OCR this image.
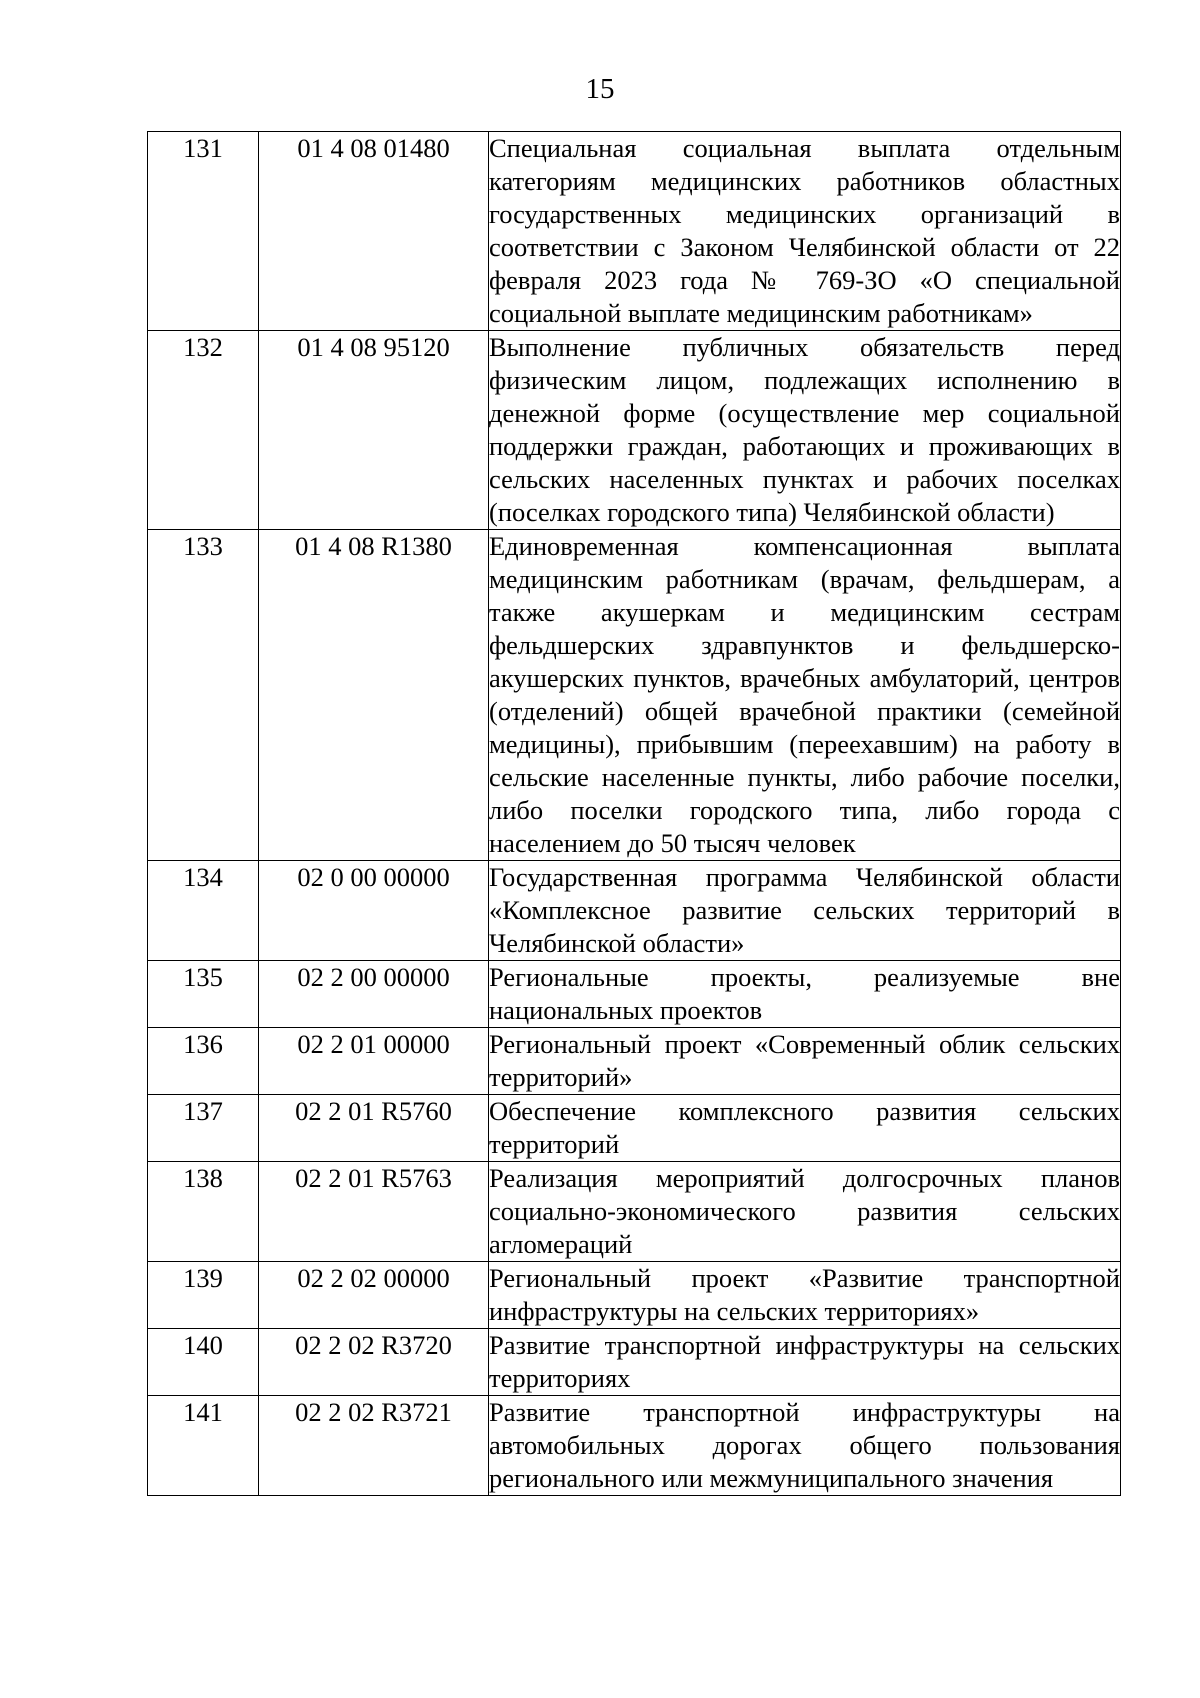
15
131	01 4 08 01480	Специальная социальная выплата отдельным категориям медицинских работников областных государственных медицинских организаций в соответствии с Законом Челябинской области от 22 февраля 2023 года № 769-ЗО «О специальной социальной выплате медицинским работникам»
132	01 4 08 95120	Выполнение публичных обязательств перед физическим лицом, подлежащих исполнению в денежной форме (осуществление мер социальной поддержки граждан, работающих и проживающих в сельских населенных пунктах и рабочих поселках (поселках городского типа) Челябинской области)
133	01 4 08 R1380	Единовременная компенсационная выплата медицинским работникам (врачам, фельдшерам, а также акушеркам и медицинским сестрам фельдшерских здравпунктов и фельдшерско-акушерских пунктов, врачебных амбулаторий, центров (отделений) общей врачебной практики (семейной медицины), прибывшим (переехавшим) на работу в сельские населенные пункты, либо рабочие поселки, либо поселки городского типа, либо города с населением до 50 тысяч человек
134	02 0 00 00000	Государственная программа Челябинской области «Комплексное развитие сельских территорий в Челябинской области»
135	02 2 00 00000	Региональные проекты, реализуемые вне национальных проектов
136	02 2 01 00000	Региональный проект «Современный облик сельских территорий»
137	02 2 01 R5760	Обеспечение комплексного развития сельских территорий
138	02 2 01 R5763	Реализация мероприятий долгосрочных планов социально-экономического развития сельских агломераций
139	02 2 02 00000	Региональный проект «Развитие транспортной инфраструктуры на сельских территориях»
140	02 2 02 R3720	Развитие транспортной инфраструктуры на сельских территориях
141	02 2 02 R3721	Развитие транспортной инфраструктуры на автомобильных дорогах общего пользования регионального или межмуниципального значения
